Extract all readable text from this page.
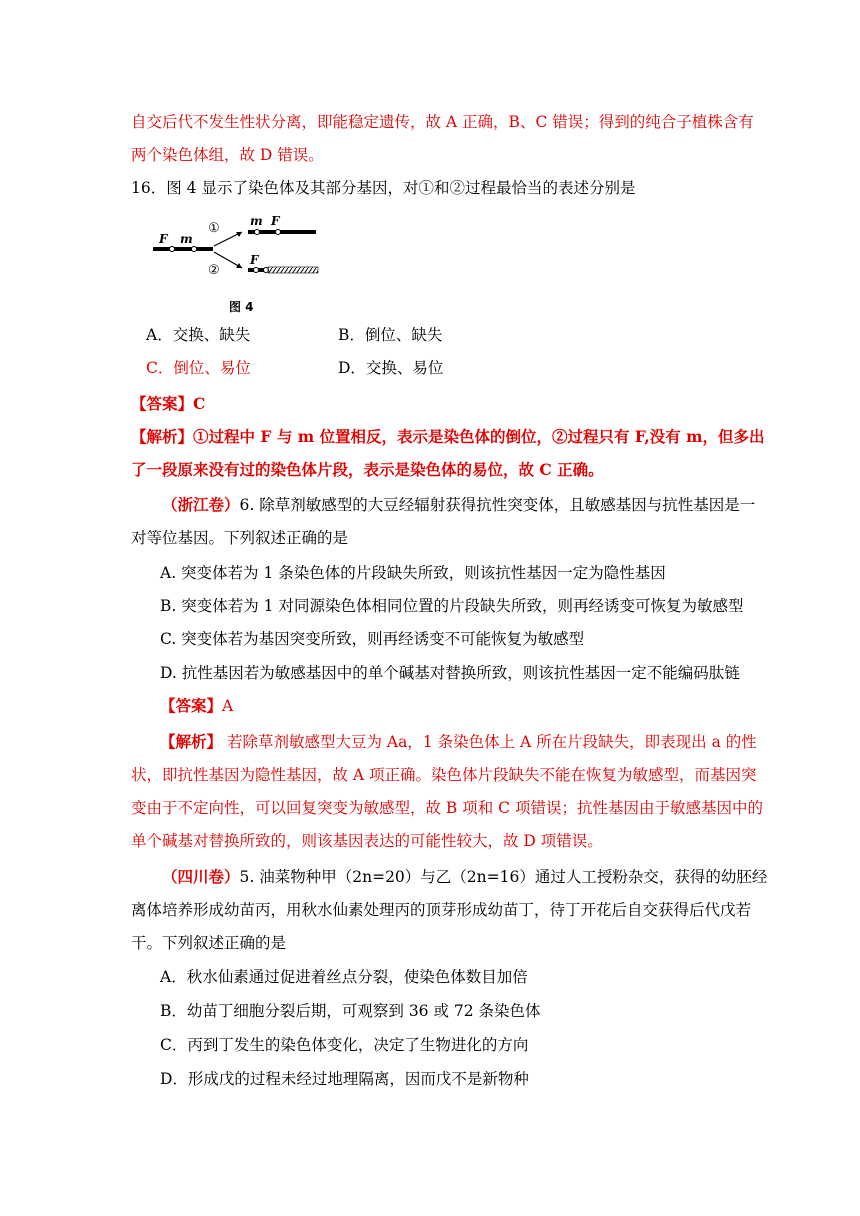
自交后代不发生性状分离，即能稳定遗传，故 A 正确，B、C 错误；得到的纯合子植株含有
两个染色体组，故 D 错误。
16．图 4 显示了染色体及其部分基因，对①和②过程最恰当的表述分别是
F m
①
②
m F
F
图 4
A．交换、缺失	B．倒位、缺失
C．倒位、易位	D．交换、易位
【答案】C
【解析】①过程中 F 与 m 位置相反，表示是染色体的倒位，②过程只有 F,没有 m，但多出
了一段原来没有过的染色体片段，表示是染色体的易位，故 C 正确。
（浙江卷）6. 除草剂敏感型的大豆经辐射获得抗性突变体，且敏感基因与抗性基因是一
对等位基因。下列叙述正确的是
A. 突变体若为 1 条染色体的片段缺失所致，则该抗性基因一定为隐性基因
B. 突变体若为 1 对同源染色体相同位置的片段缺失所致，则再经诱变可恢复为敏感型
C. 突变体若为基因突变所致，则再经诱变不可能恢复为敏感型
D. 抗性基因若为敏感基因中的单个碱基对替换所致，则该抗性基因一定不能编码肽链
【答案】A
【解析】 若除草剂敏感型大豆为 Aa，1 条染色体上 A 所在片段缺失，即表现出 a 的性
状，即抗性基因为隐性基因，故 A 项正确。染色体片段缺失不能在恢复为敏感型，而基因突
变由于不定向性，可以回复突变为敏感型，故 B 项和 C 项错误；抗性基因由于敏感基因中的
单个碱基对替换所致的，则该基因表达的可能性较大，故 D 项错误。
（四川卷）5. 油菜物种甲（2n=20）与乙（2n=16）通过人工授粉杂交，获得的幼胚经
离体培养形成幼苗丙，用秋水仙素处理丙的顶芽形成幼苗丁，待丁开花后自交获得后代戊若
干。下列叙述正确的是
A．秋水仙素通过促进着丝点分裂，使染色体数目加倍
B．幼苗丁细胞分裂后期，可观察到 36 或 72 条染色体
C．丙到丁发生的染色体变化，决定了生物进化的方向
D．形成戊的过程未经过地理隔离，因而戊不是新物种
